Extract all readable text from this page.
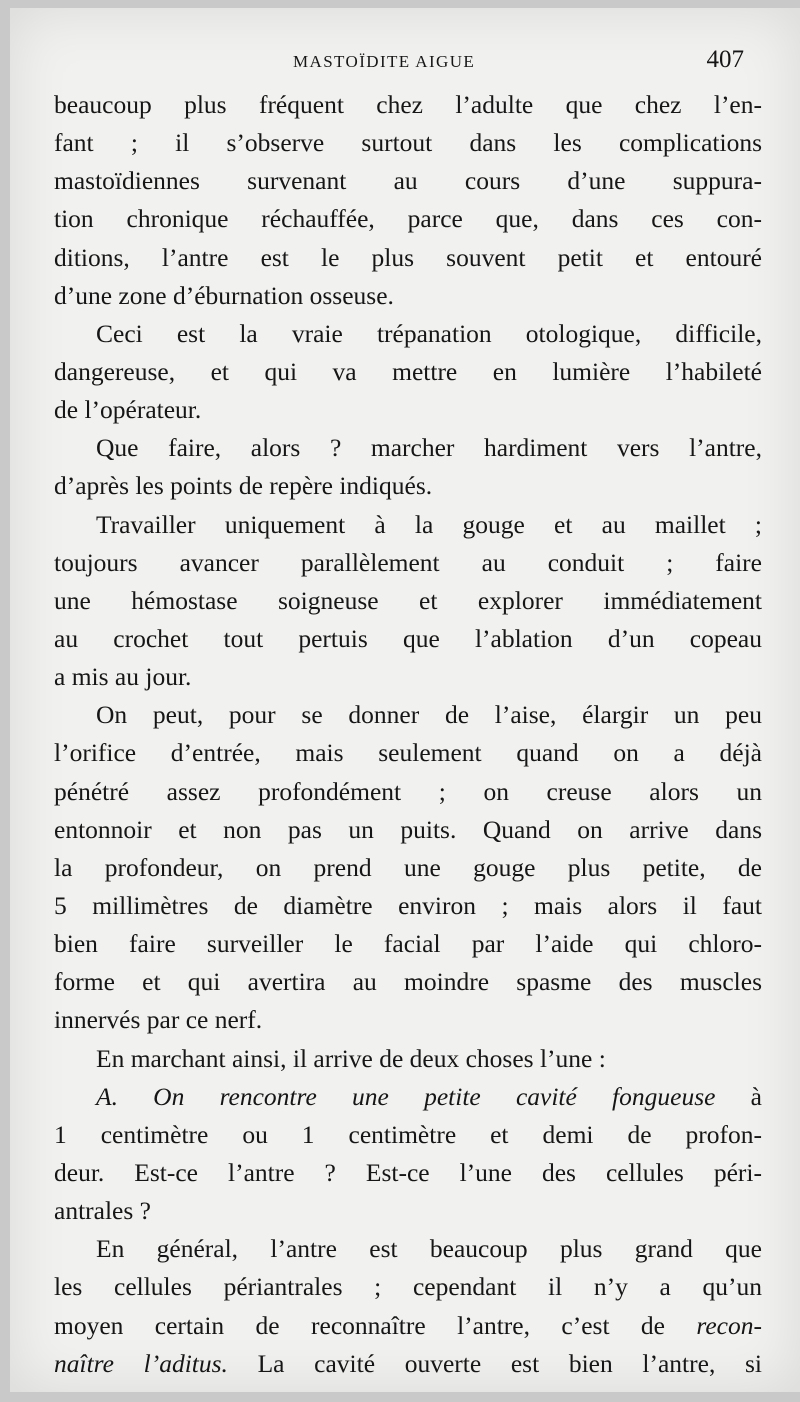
MASTOÏDITE AIGUE	407
beaucoup plus fréquent chez l’adulte que chez l’en-
fant ; il s’observe surtout dans les complications
mastoïdiennes survenant au cours d’une suppura-
tion chronique réchauffée, parce que, dans ces con-
ditions, l’antre est le plus souvent petit et entouré
d’une zone d’éburnation osseuse.
Ceci est la vraie trépanation otologique, difficile,
dangereuse, et qui va mettre en lumière l’habileté
de l’opérateur.
Que faire, alors ? marcher hardiment vers l’antre,
d’après les points de repère indiqués.
Travailler uniquement à la gouge et au maillet ;
toujours avancer parallèlement au conduit ; faire
une hémostase soigneuse et explorer immédiatement
au crochet tout pertuis que l’ablation d’un copeau
a mis au jour.
On peut, pour se donner de l’aise, élargir un peu
l’orifice d’entrée, mais seulement quand on a déjà
pénétré assez profondément ; on creuse alors un
entonnoir et non pas un puits. Quand on arrive dans
la profondeur, on prend une gouge plus petite, de
5 millimètres de diamètre environ ; mais alors il faut
bien faire surveiller le facial par l’aide qui chloro-
forme et qui avertira au moindre spasme des muscles
innervés par ce nerf.
En marchant ainsi, il arrive de deux choses l’une :
A. On rencontre une petite cavité fongueuse à
1 centimètre ou 1 centimètre et demi de profon-
deur. Est-ce l’antre ? Est-ce l’une des cellules péri-
antrales ?
En général, l’antre est beaucoup plus grand que
les cellules périantrales ; cependant il n’y a qu’un
moyen certain de reconnaître l’antre, c’est de recon-
naître l’aditus. La cavité ouverte est bien l’antre, si
